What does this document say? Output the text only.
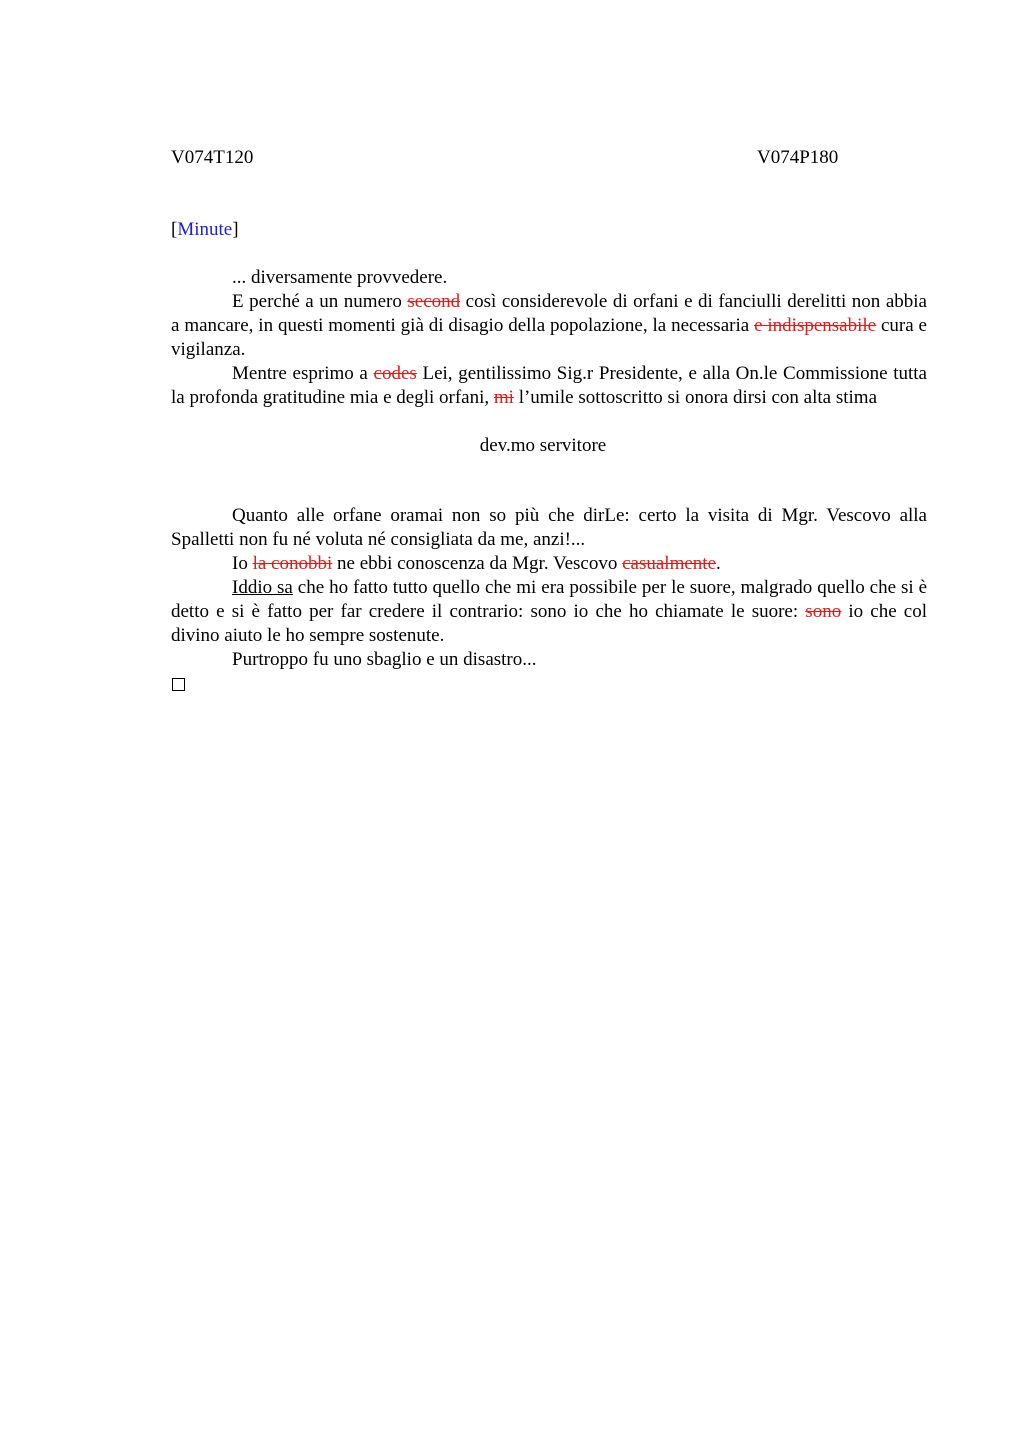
V074T120	V074P180
[Minute]

... diversamente provvedere.

E perché a un numero second così considerevole di orfani e di fanciulli derelitti non abbia a mancare, in questi momenti già di disagio della popolazione, la necessaria e indispensabile cura e vigilanza.

Mentre esprimo a codes Lei, gentilissimo Sig.r Presidente, e alla On.le Commissione tutta la profonda gratitudine mia e degli orfani, mi l’umile sottoscritto si onora dirsi con alta stima

dev.mo servitore

Quanto alle orfane oramai non so più che dirLe: certo la visita di Mgr. Vescovo alla Spalletti non fu né voluta né consigliata da me, anzi!...

Io la conobbi ne ebbi conoscenza da Mgr. Vescovo casualmente.

Iddio sa che ho fatto tutto quello che mi era possibile per le suore, malgrado quello che si è detto e si è fatto per far credere il contrario: sono io che ho chiamate le suore: sono io che col divino aiuto le ho sempre sostenute.

Purtroppo fu uno sbaglio e un disastro...
